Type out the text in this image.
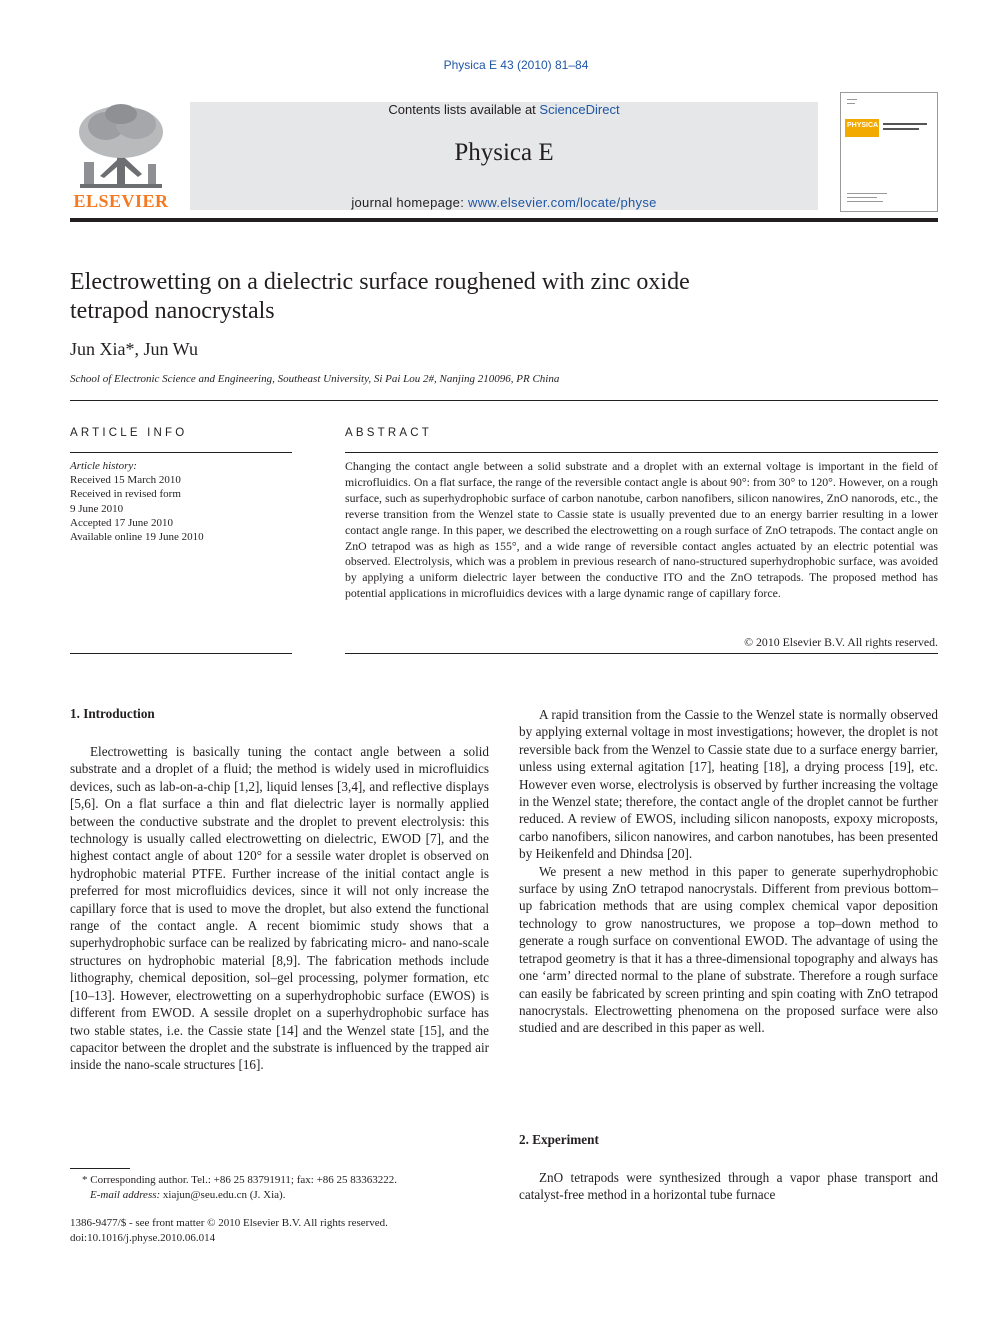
Physica E 43 (2010) 81–84
ELSEVIER
Contents lists available at ScienceDirect
Physica E
journal homepage: www.elsevier.com/locate/physe
PHYSICA
Electrowetting on a dielectric surface roughened with zinc oxide
tetrapod nanocrystals
Jun Xia*, Jun Wu
School of Electronic Science and Engineering, Southeast University, Si Pai Lou 2#, Nanjing 210096, PR China
ARTICLE INFO
Article history:
Received 15 March 2010
Received in revised form
9 June 2010
Accepted 17 June 2010
Available online 19 June 2010
ABSTRACT
Changing the contact angle between a solid substrate and a droplet with an external voltage is important in the field of microfluidics. On a flat surface, the range of the reversible contact angle is about 90°: from 30° to 120°. However, on a rough surface, such as superhydrophobic surface of carbon nanotube, carbon nanofibers, silicon nanowires, ZnO nanorods, etc., the reverse transition from the Wenzel state to Cassie state is usually prevented due to an energy barrier resulting in a lower contact angle range. In this paper, we described the electrowetting on a rough surface of ZnO tetrapods. The contact angle on ZnO tetrapod was as high as 155°, and a wide range of reversible contact angles actuated by an electric potential was observed. Electrolysis, which was a problem in previous research of nano-structured superhydrophobic surface, was avoided by applying a uniform dielectric layer between the conductive ITO and the ZnO tetrapods. The proposed method has potential applications in microfluidics devices with a large dynamic range of capillary force.
© 2010 Elsevier B.V. All rights reserved.
1. Introduction

Electrowetting is basically tuning the contact angle between a solid substrate and a droplet of a fluid; the method is widely used in microfluidics devices, such as lab-on-a-chip [1,2], liquid lenses [3,4], and reflective displays [5,6]. On a flat surface a thin and flat dielectric layer is normally applied between the conductive substrate and the droplet to prevent electrolysis: this technology is usually called electrowetting on dielectric, EWOD [7], and the highest contact angle of about 120° for a sessile water droplet is observed on hydrophobic material PTFE. Further increase of the initial contact angle is preferred for most microfluidics devices, since it will not only increase the capillary force that is used to move the droplet, but also extend the functional range of the contact angle. A recent biomimic study shows that a superhydrophobic surface can be realized by fabricating micro- and nano-scale structures on hydrophobic material [8,9]. The fabrication methods include lithography, chemical deposition, sol–gel processing, polymer formation, etc [10–13]. However, electrowetting on a superhydrophobic surface (EWOS) is different from EWOD. A sessile droplet on a superhydrophobic surface has two stable states, i.e. the Cassie state [14] and the Wenzel state [15], and the capacitor between the droplet and the substrate is influenced by the trapped air inside the nano-scale structures [16].

A rapid transition from the Cassie to the Wenzel state is normally observed by applying external voltage in most investigations; however, the droplet is not reversible back from the Wenzel to Cassie state due to a surface energy barrier, unless using external agitation [17], heating [18], a drying process [19], etc. However even worse, electrolysis is observed by further increasing the voltage in the Wenzel state; therefore, the contact angle of the droplet cannot be further reduced. A review of EWOS, including silicon nanoposts, expoxy microposts, carbo nanofibers, silicon nanowires, and carbon nanotubes, has been presented by Heikenfeld and Dhindsa [20].

We present a new method in this paper to generate superhydrophobic surface by using ZnO tetrapod nanocrystals. Different from previous bottom–up fabrication methods that are using complex chemical vapor deposition technology to grow nanostructures, we propose a top–down method to generate a rough surface on conventional EWOD. The advantage of using the tetrapod geometry is that it has a three-dimensional topography and always has one ‘arm’ directed normal to the plane of substrate. Therefore a rough surface can easily be fabricated by screen printing and spin coating with ZnO tetrapod nanocrystals. Electrowetting phenomena on the proposed surface were also studied and are described in this paper as well.

2. Experiment

ZnO tetrapods were synthesized through a vapor phase transport and catalyst-free method in a horizontal tube furnace

* Corresponding author. Tel.: +86 25 83791911; fax: +86 25 83363222.
E-mail address: xiajun@seu.edu.cn (J. Xia).
1386-9477/$ - see front matter © 2010 Elsevier B.V. All rights reserved.
doi:10.1016/j.physe.2010.06.014
